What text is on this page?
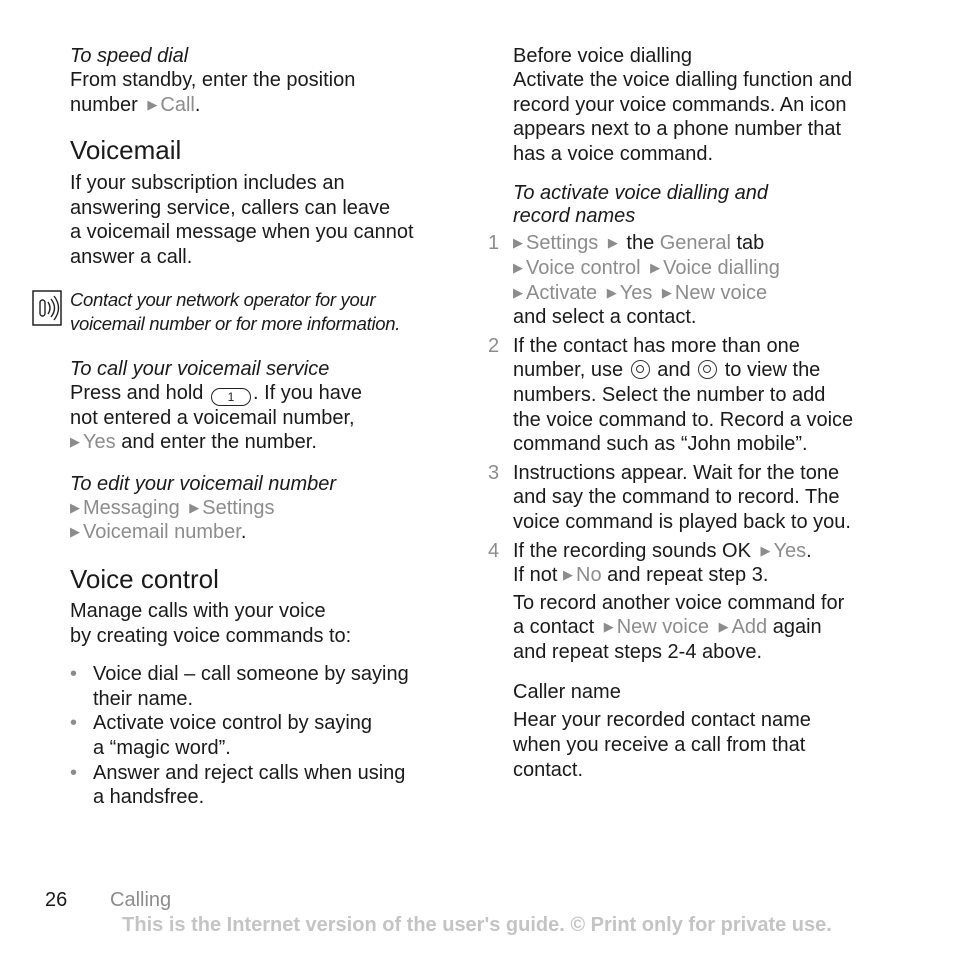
To speed dial

From standby, enter the position
number ▶ Call.

Voicemail

If your subscription includes an
answering service, callers can leave
a voicemail message when you cannot
answer a call.

Contact your network operator for your
voicemail number or for more information.

To call your voicemail service

Press and hold 1 . If you have
not entered a voicemail number,
▶ Yes and enter the number.

To edit your voicemail number

▶ Messaging ▶ Settings
▶ Voicemail number.

Voice control

Manage calls with your voice
by creating voice commands to:

• Voice dial – call someone by saying
their name.
• Activate voice control by saying
a “magic word”.
• Answer and reject calls when using
a handsfree.

Before voice dialling

Activate the voice dialling function and
record your voice commands. An icon
appears next to a phone number that
has a voice command.

To activate voice dialling and
record names

1 ▶ Settings ▶ the General tab
▶ Voice control ▶ Voice dialling
▶ Activate ▶ Yes ▶ New voice
and select a contact.
2 If the contact has more than one
number, use and to view the
numbers. Select the number to add
the voice command to. Record a voice
command such as “John mobile”.
3 Instructions appear. Wait for the tone
and say the command to record. The
voice command is played back to you.
4 If the recording sounds OK ▶ Yes.
If not ▶ No and repeat step 3.

To record another voice command for
a contact ▶ New voice ▶ Add again
and repeat steps 2-4 above.

Caller name

Hear your recorded contact name
when you receive a call from that
contact.

26 Calling
This is the Internet version of the user's guide. © Print only for private use.
